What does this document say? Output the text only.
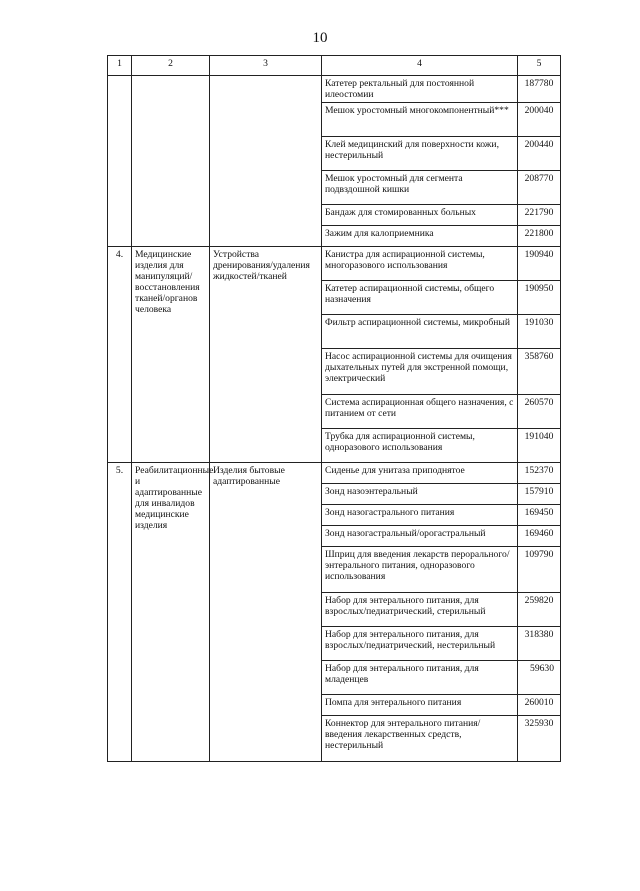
10
1	2	3	4	5
			Катетер ректальный для постоянной илеостомии	187780
			Мешок уростомный многокомпонентный***	200040
			Клей медицинский для поверхности кожи, нестерильный	200440
			Мешок уростомный для сегмента подвздошной кишки	208770
			Бандаж для стомированных больных	221790
			Зажим для калоприемника	221800
4.	Медицинские изделия для манипуляций/восстановления тканей/органов человека	Устройства дренирования/удаления жидкостей/тканей	Канистра для аспирационной системы, многоразового использования	190940
			Катетер аспирационной системы, общего назначения	190950
			Фильтр аспирационной системы, микробный	191030
			Насос аспирационной системы для очищения дыхательных путей для экстренной помощи, электрический	358760
			Система аспирационная общего назначения, с питанием от сети	260570
			Трубка для аспирационной системы, одноразового использования	191040
5.	Реабилитационные и адаптированные для инвалидов медицинские изделия	Изделия бытовые адаптированные	Сиденье для унитаза приподнятое	152370
			Зонд назоэнтеральный	157910
			Зонд назогастрального питания	169450
			Зонд назогастральный/орогастральный	169460
			Шприц для введения лекарств перорального/энтерального питания, одноразового использования	109790
			Набор для энтерального питания, для взрослых/педиатрический, стерильный	259820
			Набор для энтерального питания, для взрослых/педиатрический, нестерильный	318380
			Набор для энтерального питания, для младенцев	59630
			Помпа для энтерального питания	260010
			Коннектор для энтерального питания/введения лекарственных средств, нестерильный	325930
